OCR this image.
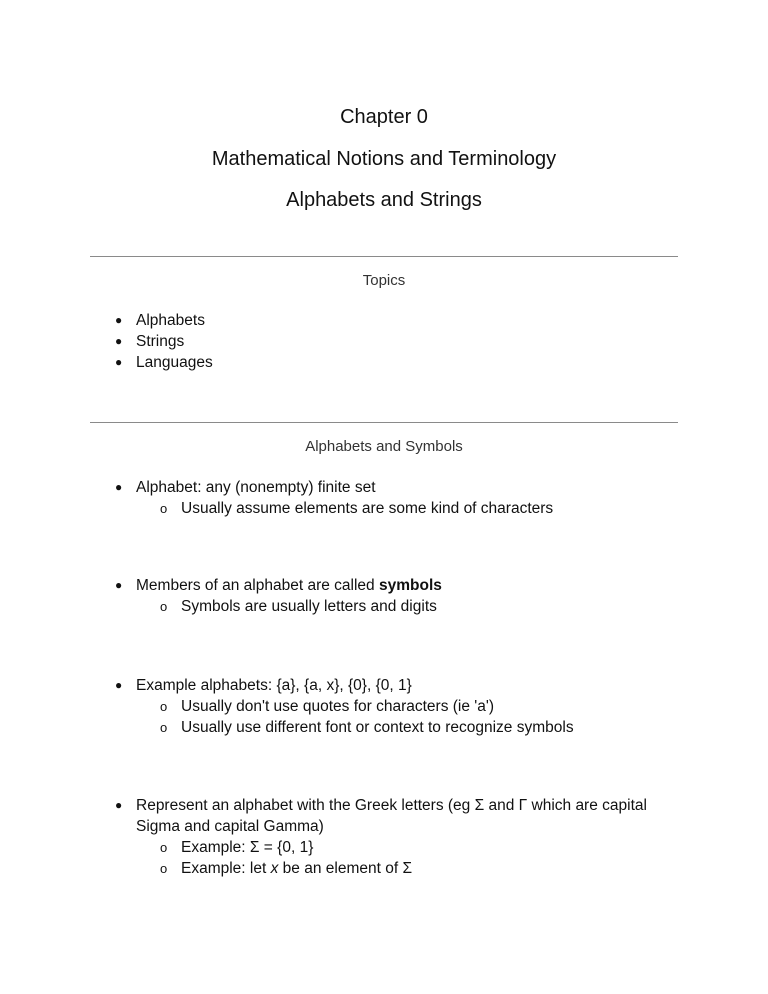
Chapter 0
Mathematical Notions and Terminology
Alphabets and Strings
Topics
● Alphabets
● Strings
● Languages
Alphabets and Symbols
● Alphabet: any (nonempty) finite set
o Usually assume elements are some kind of characters
● Members of an alphabet are called symbols
o Symbols are usually letters and digits
● Example alphabets: {a}, {a, x}, {0}, {0, 1}
o Usually don't use quotes for characters (ie 'a')
o Usually use different font or context to recognize symbols
● Represent an alphabet with the Greek letters (eg Σ and Γ which are capital Sigma and capital Gamma)
o Example: Σ = {0, 1}
o Example: let x be an element of Σ
